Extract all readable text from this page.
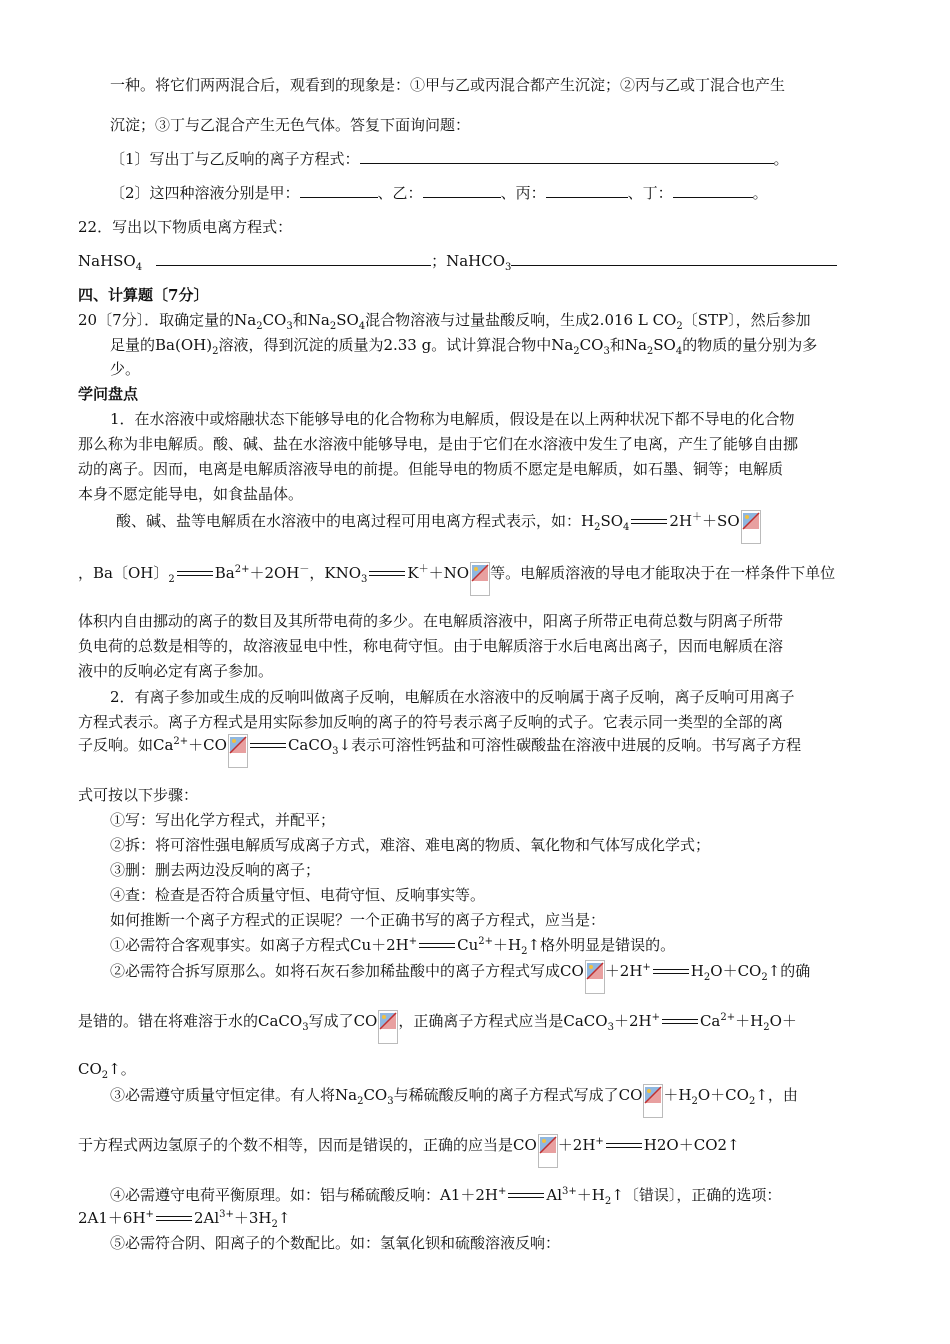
一种。将它们两两混合后，观看到的现象是：①甲与乙或丙混合都产生沉淀；②丙与乙或丁混合也产生
沉淀；③丁与乙混合产生无色气体。答复下面询问题：
〔1〕写出丁与乙反响的离子方程式：	。
〔2〕这四种溶液分别是甲：	、乙：	、丙：	、丁：	。
22．写出以下物质电离方程式：
NaHSO$_4$	；NaHCO$_3$
四、计算题〔7分〕
20〔7分〕．取确定量的$Na_2CO_3$和$Na_2SO_4$混合物溶液与过量盐酸反响，生成2.016 L $CO_2$〔STP〕，然后参加
足量的$Ba(OH)_2$溶液，得到沉淀的质量为2.33 g。试计算混合物中$Na_2CO_3$和$Na_2SO_4$的物质的量分别为多
少。
学问盘点
1．在水溶液中或熔融状态下能够导电的化合物称为电解质，假设是在以上两种状况下都不导电的化合物
那么称为非电解质。酸、碱、盐在水溶液中能够导电，是由于它们在水溶液中发生了电离，产生了能够自由挪
动的离子。因而，电离是电解质溶液导电的前提。但能导电的物质不愿定是电解质，如石墨、铜等；电解质
本身不愿定能导电，如食盐晶体。
酸、碱、盐等电解质在水溶液中的电离过程可用电离方程式表示，如：$H_2SO_4$	2H＋＋SO
，Ba〔OH〕$_2$	$Ba^{2+}+2OH^-$，$KNO_3$	K＋＋NO 等。电解质溶液的导电才能取决于在一样条件下单位
体积内自由挪动的离子的数目及其所带电荷的多少。在电解质溶液中，阳离子所带正电荷总数与阴离子所带
负电荷的总数是相等的，故溶液显电中性，称电荷守恒。由于电解质溶于水后电离出离子，因而电解质在溶
液中的反响必定有离子参加。
2．有离子参加或生成的反响叫做离子反响，电解质在水溶液中的反响属于离子反响，离子反响可用离子
方程式表示。离子方程式是用实际参加反响的离子的符号表示离子反响的式子。它表示同一类型的全部的离
子反响。如$Ca^{2+}+CO$	CaCO$_3$↓表示可溶性钙盐和可溶性碳酸盐在溶液中进展的反响。书写离子方程
式可按以下步骤：
①写：写出化学方程式，并配平；
②拆：将可溶性强电解质写成离子方式，难溶、难电离的物质、氧化物和气体写成化学式；
③删：删去两边没反响的离子；
④查：检查是否符合质量守恒、电荷守恒、反响事实等。
如何推断一个离子方程式的正误呢？一个正确书写的离子方程式，应当是：
①必需符合客观事实。如离子方程式Cu＋2H+	$Cu^{2+}+H_2↑$格外明显是错误的。
②必需符合拆写原那么。如将石灰石参加稀盐酸中的离子方程式写成CO ＋2H+	$H_2O+CO_2↑$的确
是错的。错在将难溶于水的CaCO$_3$写成了CO ，正确离子方程式应当是CaCO$_3$＋2H+	$Ca^{2+}+H_2O+$
$CO_2↑$。
③必需遵守质量守恒定律。有人将$Na_2CO_3$与稀硫酸反响的离子方程式写成了CO $+H_2O+CO_2↑$，由
于方程式两边氢原子的个数不相等，因而是错误的，正确的应当是CO ＋2H+	H2O＋CO2↑
④必需遵守电荷平衡原理。如：铝与稀硫酸反响：A1＋2H+	$Al^{3+}+H_2↑$〔错误〕，正确的选项：
2A1＋6H+	$2Al^{3+}+3H_2↑$
⑤必需符合阴、阳离子的个数配比。如：氢氧化钡和硫酸溶液反响：
